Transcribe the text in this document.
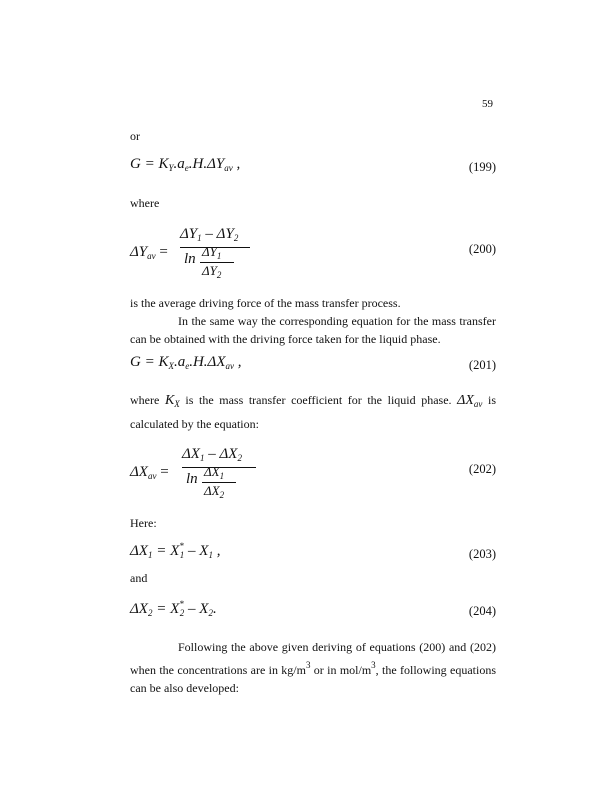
59
or
$G = K_Y.a_e.H.\Delta Y_{av}$ ,	(199)
where
$\Delta Y_{av}$ =
$\Delta Y_1 - \Delta Y_2$
$\ln \Delta Y_1$
$\Delta Y_2$
(200)
is the average driving force of the mass transfer process.
In the same way the corresponding equation for the mass transfer can be obtained with the driving force taken for the liquid phase.
$G = K_X.a_e.H.\Delta X_{av}$ ,	(201)
where $K_X$ is the mass transfer coefficient for the liquid phase. $\Delta X_{av}$ is calculated by the equation:
$\Delta X_{av}$ =
$\Delta X_1 - \Delta X_2$
$\ln \Delta X_1$
$\Delta X_2$
(202)
Here:
$\Delta X_1 = X^*_1 - X_1$ ,	(203)
and
$\Delta X_2 = X^*_2 - X_2$.	(204)
Following the above given deriving of equations (200) and (202) when the concentrations are in $kg/m^3$ or in mol/$m^3$, the following equations can be also developed:
